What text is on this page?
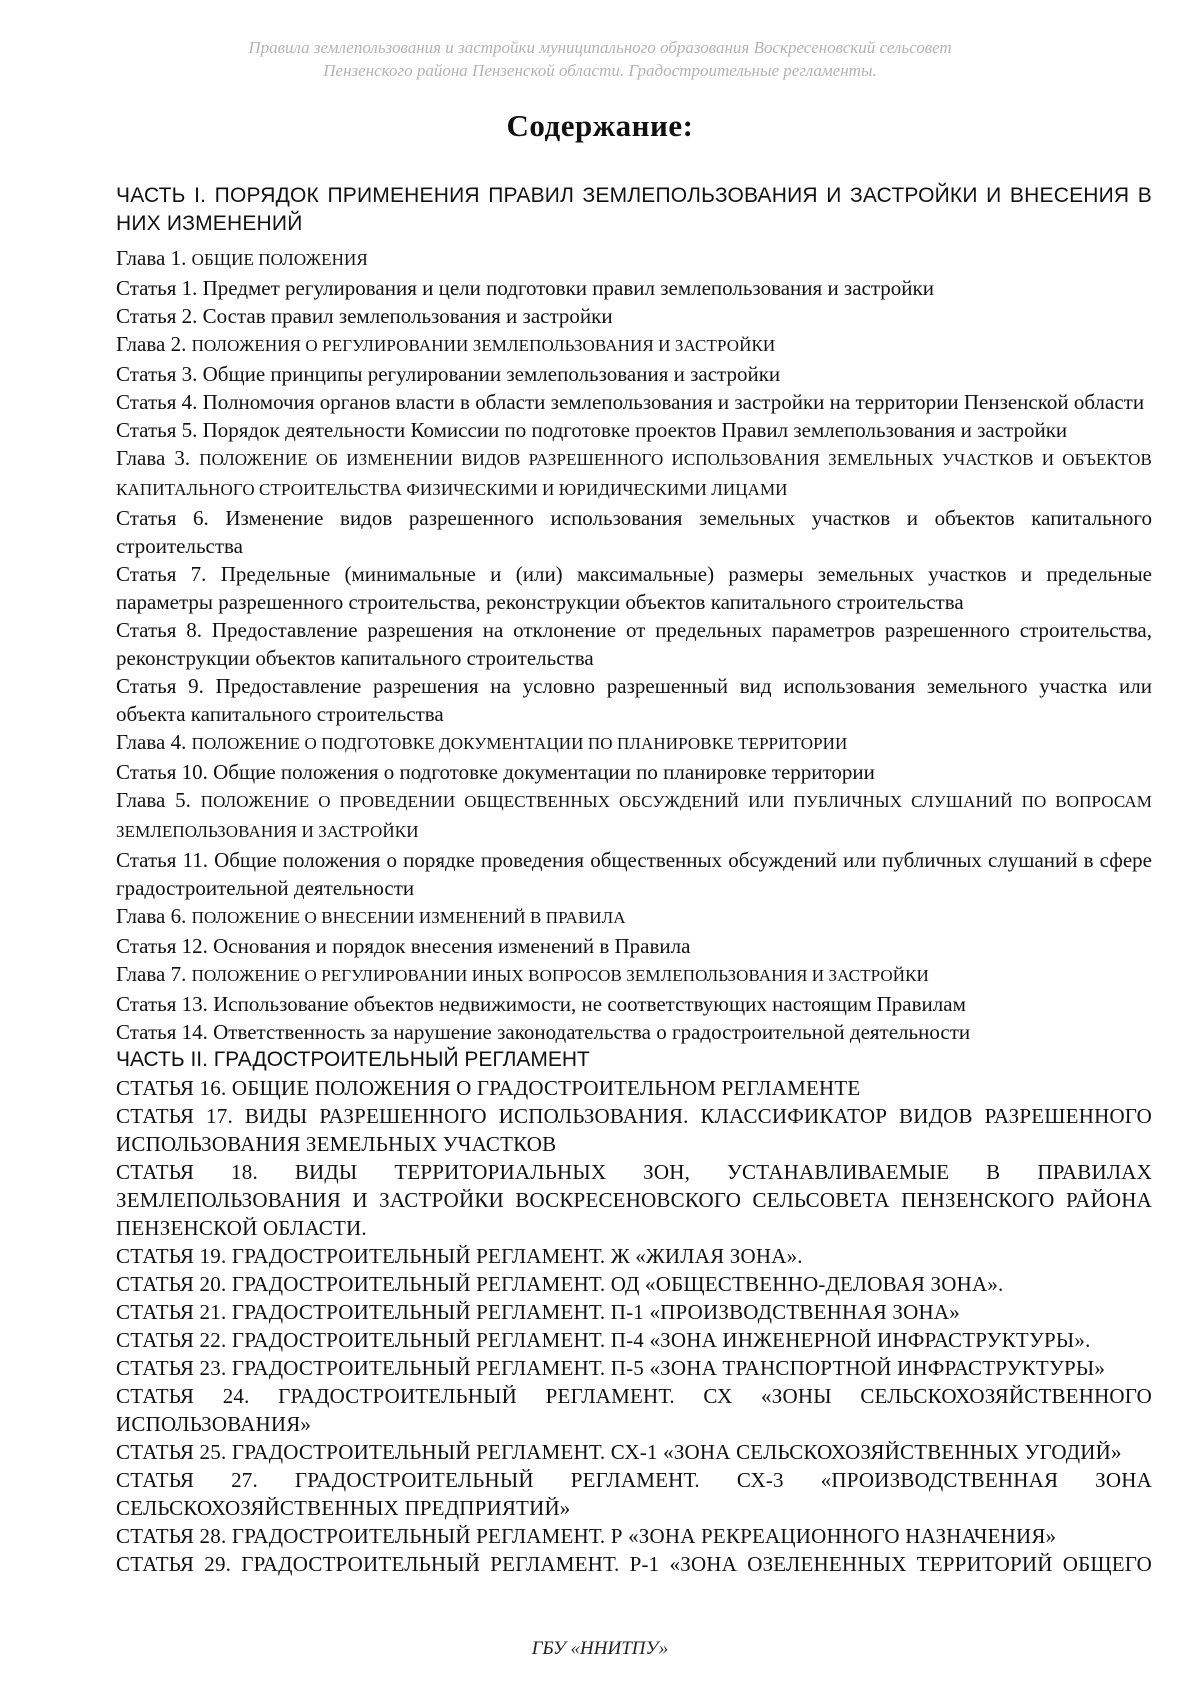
Правила землепользования и застройки муниципального образования Воскресеновский сельсовет
Пензенского района Пензенской области. Градостроительные регламенты.
Содержание:
ЧАСТЬ I. ПОРЯДОК ПРИМЕНЕНИЯ ПРАВИЛ ЗЕМЛЕПОЛЬЗОВАНИЯ И ЗАСТРОЙКИ И ВНЕСЕНИЯ В НИХ ИЗМЕНЕНИЙ
Глава 1. ОБЩИЕ ПОЛОЖЕНИЯ
Статья 1. Предмет регулирования и цели подготовки правил землепользования и застройки
Статья 2. Состав правил землепользования и застройки
Глава 2. ПОЛОЖЕНИЯ О РЕГУЛИРОВАНИИ ЗЕМЛЕПОЛЬЗОВАНИЯ И ЗАСТРОЙКИ
Статья 3. Общие принципы регулировании землепользования и застройки
Статья 4. Полномочия органов власти в области землепользования и застройки на территории Пензенской области
Статья 5. Порядок деятельности Комиссии по подготовке проектов Правил землепользования и застройки
Глава 3. ПОЛОЖЕНИЕ ОБ ИЗМЕНЕНИИ ВИДОВ РАЗРЕШЕННОГО ИСПОЛЬЗОВАНИЯ ЗЕМЕЛЬНЫХ УЧАСТКОВ И ОБЪЕКТОВ КАПИТАЛЬНОГО СТРОИТЕЛЬСТВА ФИЗИЧЕСКИМИ И ЮРИДИЧЕСКИМИ ЛИЦАМИ
Статья 6. Изменение видов разрешенного использования земельных участков и объектов капитального строительства
Статья 7. Предельные (минимальные и (или) максимальные) размеры земельных участков и предельные параметры разрешенного строительства, реконструкции объектов капитального строительства
Статья 8. Предоставление разрешения на отклонение от предельных параметров разрешенного строительства, реконструкции объектов капитального строительства
Статья 9. Предоставление разрешения на условно разрешенный вид использования земельного участка или объекта капитального строительства
Глава 4. ПОЛОЖЕНИЕ О ПОДГОТОВКЕ ДОКУМЕНТАЦИИ ПО ПЛАНИРОВКЕ ТЕРРИТОРИИ
Статья 10. Общие положения о подготовке документации по планировке территории
Глава 5. ПОЛОЖЕНИЕ О ПРОВЕДЕНИИ ОБЩЕСТВЕННЫХ ОБСУЖДЕНИЙ ИЛИ ПУБЛИЧНЫХ СЛУШАНИЙ ПО ВОПРОСАМ ЗЕМЛЕПОЛЬЗОВАНИЯ И ЗАСТРОЙКИ
Статья 11. Общие положения о порядке проведения общественных обсуждений или публичных слушаний в сфере градостроительной деятельности
Глава 6. ПОЛОЖЕНИЕ О ВНЕСЕНИИ ИЗМЕНЕНИЙ В ПРАВИЛА
Статья 12. Основания и порядок внесения изменений в Правила
Глава 7. ПОЛОЖЕНИЕ О РЕГУЛИРОВАНИИ ИНЫХ ВОПРОСОВ ЗЕМЛЕПОЛЬЗОВАНИЯ И ЗАСТРОЙКИ
Статья 13. Использование объектов недвижимости, не соответствующих настоящим Правилам
Статья 14. Ответственность за нарушение законодательства о градостроительной деятельности
ЧАСТЬ II. ГРАДОСТРОИТЕЛЬНЫЙ РЕГЛАМЕНТ
СТАТЬЯ 16. ОБЩИЕ ПОЛОЖЕНИЯ О ГРАДОСТРОИТЕЛЬНОМ РЕГЛАМЕНТЕ
СТАТЬЯ 17. ВИДЫ РАЗРЕШЕННОГО ИСПОЛЬЗОВАНИЯ. КЛАССИФИКАТОР ВИДОВ РАЗРЕШЕННОГО ИСПОЛЬЗОВАНИЯ ЗЕМЕЛЬНЫХ УЧАСТКОВ
СТАТЬЯ 18. ВИДЫ ТЕРРИТОРИАЛЬНЫХ ЗОН, УСТАНАВЛИВАЕМЫЕ В ПРАВИЛАХ ЗЕМЛЕПОЛЬЗОВАНИЯ И ЗАСТРОЙКИ ВОСКРЕСЕНОВСКОГО СЕЛЬСОВЕТА ПЕНЗЕНСКОГО РАЙОНА ПЕНЗЕНСКОЙ ОБЛАСТИ.
СТАТЬЯ 19. ГРАДОСТРОИТЕЛЬНЫЙ РЕГЛАМЕНТ. Ж «ЖИЛАЯ ЗОНА».
СТАТЬЯ 20. ГРАДОСТРОИТЕЛЬНЫЙ РЕГЛАМЕНТ. ОД «ОБЩЕСТВЕННО-ДЕЛОВАЯ ЗОНА».
СТАТЬЯ 21. ГРАДОСТРОИТЕЛЬНЫЙ РЕГЛАМЕНТ. П-1 «ПРОИЗВОДСТВЕННАЯ ЗОНА»
СТАТЬЯ 22. ГРАДОСТРОИТЕЛЬНЫЙ РЕГЛАМЕНТ. П-4 «ЗОНА ИНЖЕНЕРНОЙ ИНФРАСТРУКТУРЫ».
СТАТЬЯ 23. ГРАДОСТРОИТЕЛЬНЫЙ РЕГЛАМЕНТ. П-5 «ЗОНА ТРАНСПОРТНОЙ ИНФРАСТРУКТУРЫ»
СТАТЬЯ 24. ГРАДОСТРОИТЕЛЬНЫЙ РЕГЛАМЕНТ. СХ «ЗОНЫ СЕЛЬСКОХОЗЯЙСТВЕННОГО ИСПОЛЬЗОВАНИЯ»
СТАТЬЯ 25. ГРАДОСТРОИТЕЛЬНЫЙ РЕГЛАМЕНТ. СХ-1 «ЗОНА СЕЛЬСКОХОЗЯЙСТВЕННЫХ УГОДИЙ»
СТАТЬЯ 27. ГРАДОСТРОИТЕЛЬНЫЙ РЕГЛАМЕНТ. СХ-3 «ПРОИЗВОДСТВЕННАЯ ЗОНА СЕЛЬСКОХОЗЯЙСТВЕННЫХ ПРЕДПРИЯТИЙ»
СТАТЬЯ 28. ГРАДОСТРОИТЕЛЬНЫЙ РЕГЛАМЕНТ. Р «ЗОНА РЕКРЕАЦИОННОГО НАЗНАЧЕНИЯ»
СТАТЬЯ 29. ГРАДОСТРОИТЕЛЬНЫЙ РЕГЛАМЕНТ. Р-1 «ЗОНА ОЗЕЛЕНЕННЫХ ТЕРРИТОРИЙ ОБЩЕГО
ГБУ «ННИТПУ»
